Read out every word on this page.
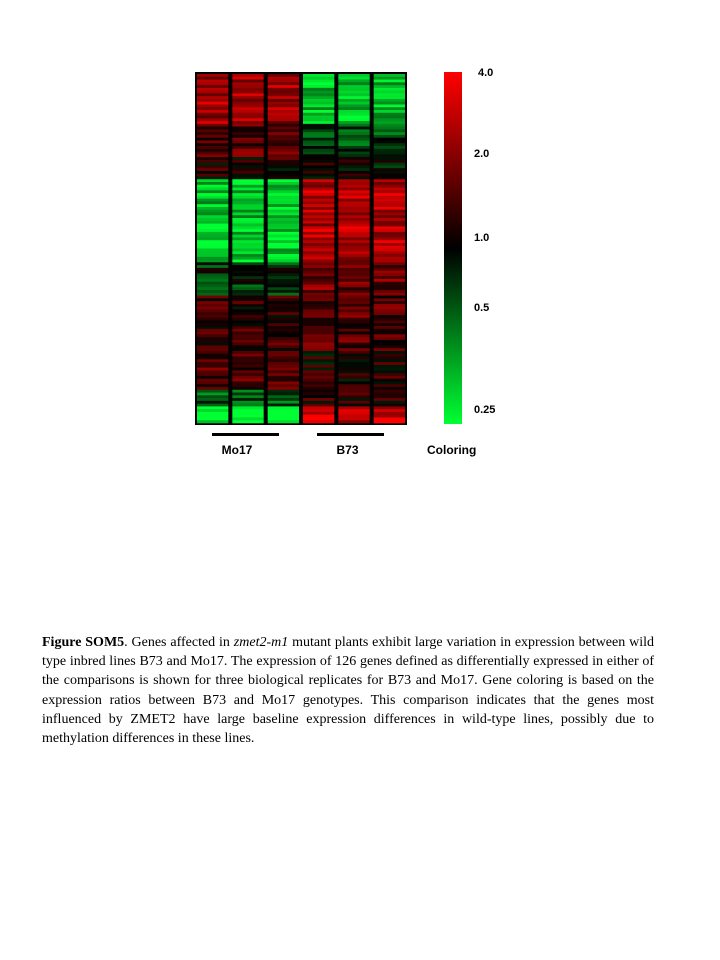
Mo17	B73
4.0
2.0
1.0
0.5
0.25
Coloring
Figure SOM5. Genes affected in zmet2-m1 mutant plants exhibit large variation in expression between wild type inbred lines B73 and Mo17. The expression of 126 genes defined as differentially expressed in either of the comparisons is shown for three biological replicates for B73 and Mo17. Gene coloring is based on the expression ratios between B73 and Mo17 genotypes. This comparison indicates that the genes most influenced by ZMET2 have large baseline expression differences in wild-type lines, possibly due to methylation differences in these lines.
